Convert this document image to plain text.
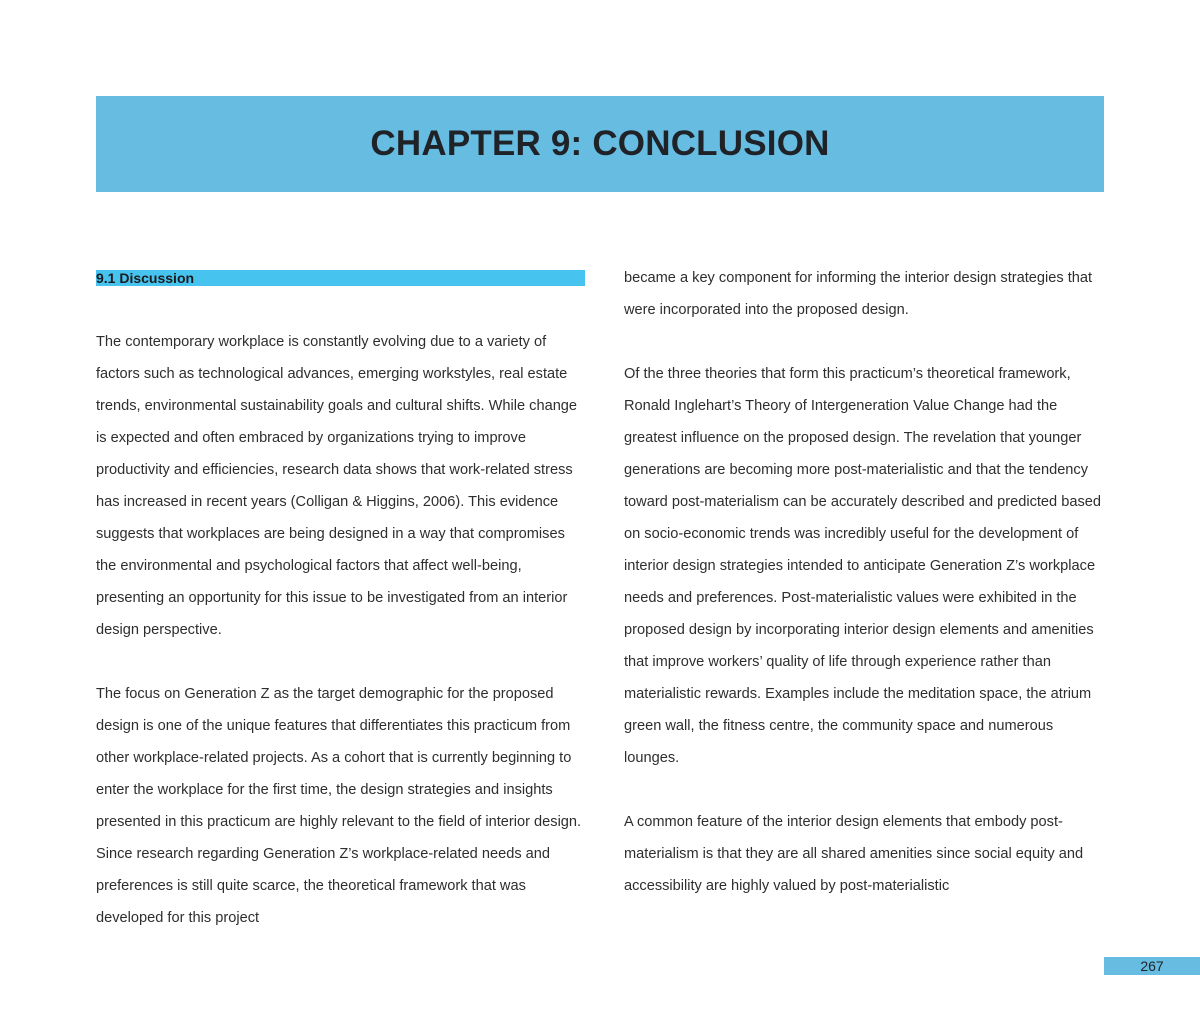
CHAPTER 9: CONCLUSION
9.1 Discussion

The contemporary workplace is constantly evolving due to a variety of factors such as technological advances, emerging workstyles, real estate trends, environmental sustainability goals and cultural shifts. While change is expected and often embraced by organizations trying to improve productivity and efficiencies, research data shows that work-related stress has increased in recent years (Colligan & Higgins, 2006). This evidence suggests that workplaces are being designed in a way that compromises the environmental and psychological factors that affect well-being, presenting an opportunity for this issue to be investigated from an interior design perspective.

The focus on Generation Z as the target demographic for the proposed design is one of the unique features that differentiates this practicum from other workplace-related projects. As a cohort that is currently beginning to enter the workplace for the first time, the design strategies and insights presented in this practicum are highly relevant to the field of interior design. Since research regarding Generation Z’s workplace-related needs and preferences is still quite scarce, the theoretical framework that was developed for this project

became a key component for informing the interior design strategies that were incorporated into the proposed design.

Of the three theories that form this practicum’s theoretical framework, Ronald Inglehart’s Theory of Intergeneration Value Change had the greatest influence on the proposed design. The revelation that younger generations are becoming more post-materialistic and that the tendency toward post-materialism can be accurately described and predicted based on socio-economic trends was incredibly useful for the development of interior design strategies intended to anticipate Generation Z’s workplace needs and preferences. Post-materialistic values were exhibited in the proposed design by incorporating interior design elements and amenities that improve workers’ quality of life through experience rather than materialistic rewards. Examples include the meditation space, the atrium green wall, the fitness centre, the community space and numerous lounges.

A common feature of the interior design elements that embody post-materialism is that they are all shared amenities since social equity and accessibility are highly valued by post-materialistic

267
